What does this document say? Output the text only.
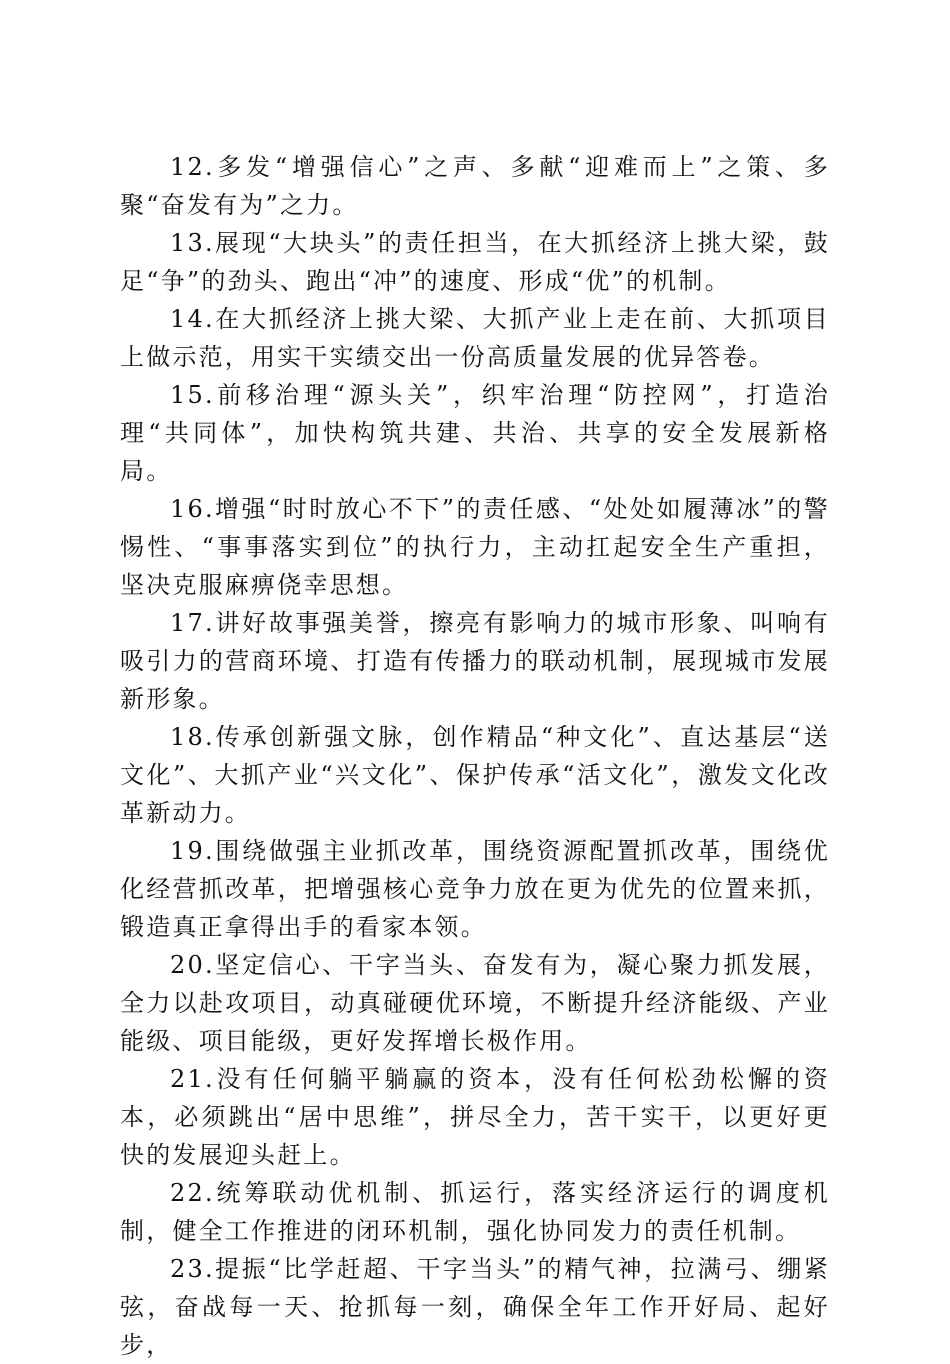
12.多发“增强信心”之声、多献“迎难而上”之策、多聚“奋发有为”之力。

13.展现“大块头”的责任担当，在大抓经济上挑大梁，鼓足“争”的劲头、跑出“冲”的速度、形成“优”的机制。

14.在大抓经济上挑大梁、大抓产业上走在前、大抓项目上做示范，用实干实绩交出一份高质量发展的优异答卷。

15.前移治理“源头关”，织牢治理“防控网”，打造治理“共同体”，加快构筑共建、共治、共享的安全发展新格局。

16.增强“时时放心不下”的责任感、“处处如履薄冰”的警惕性、“事事落实到位”的执行力，主动扛起安全生产重担，坚决克服麻痹侥幸思想。

17.讲好故事强美誉，擦亮有影响力的城市形象、叫响有吸引力的营商环境、打造有传播力的联动机制，展现城市发展新形象。

18.传承创新强文脉，创作精品“种文化”、直达基层“送文化”、大抓产业“兴文化”、保护传承“活文化”，激发文化改革新动力。

19.围绕做强主业抓改革，围绕资源配置抓改革，围绕优化经营抓改革，把增强核心竞争力放在更为优先的位置来抓，锻造真正拿得出手的看家本领。

20.坚定信心、干字当头、奋发有为，凝心聚力抓发展，全力以赴攻项目，动真碰硬优环境，不断提升经济能级、产业能级、项目能级，更好发挥增长极作用。

21.没有任何躺平躺赢的资本，没有任何松劲松懈的资本，必须跳出“居中思维”，拼尽全力，苦干实干，以更好更快的发展迎头赶上。

22.统筹联动优机制、抓运行，落实经济运行的调度机制，健全工作推进的闭环机制，强化协同发力的责任机制。

23.提振“比学赶超、干字当头”的精气神，拉满弓、绷紧弦，奋战每一天、抢抓每一刻，确保全年工作开好局、起好步，
